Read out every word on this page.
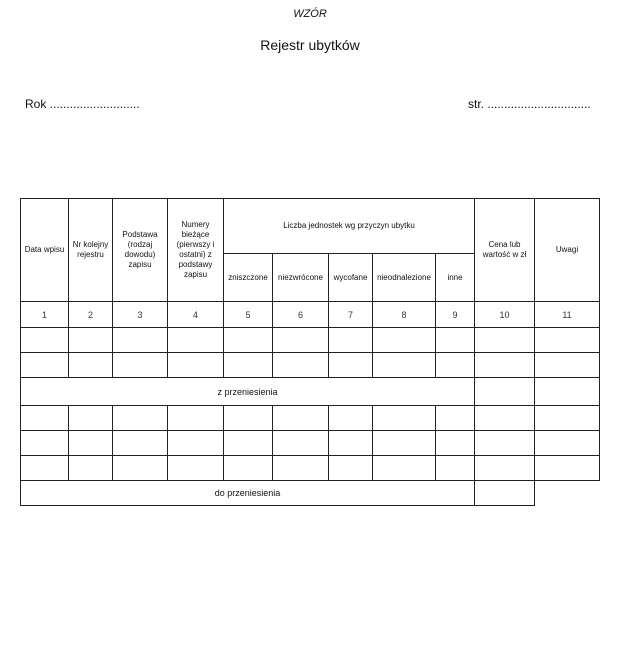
WZÓR
Rejestr ubytków
Rok ...........................	str. ...............................
Data wpisu	Nr kolejny rejestru	Podstawa (rodzaj dowodu) zapisu	Numery bieżące (pierwszy i ostatni) z podstawy zapisu	Liczba jednostek wg przyczyn ubytku					Cena lub wartość w zł	Uwagi
				zniszczone	niezwrócone	wycofane	nieodnalezione	inne		
1	2	3	4	5	6	7	8	9	10	11

z przeniesienia										

do przeniesienia										
